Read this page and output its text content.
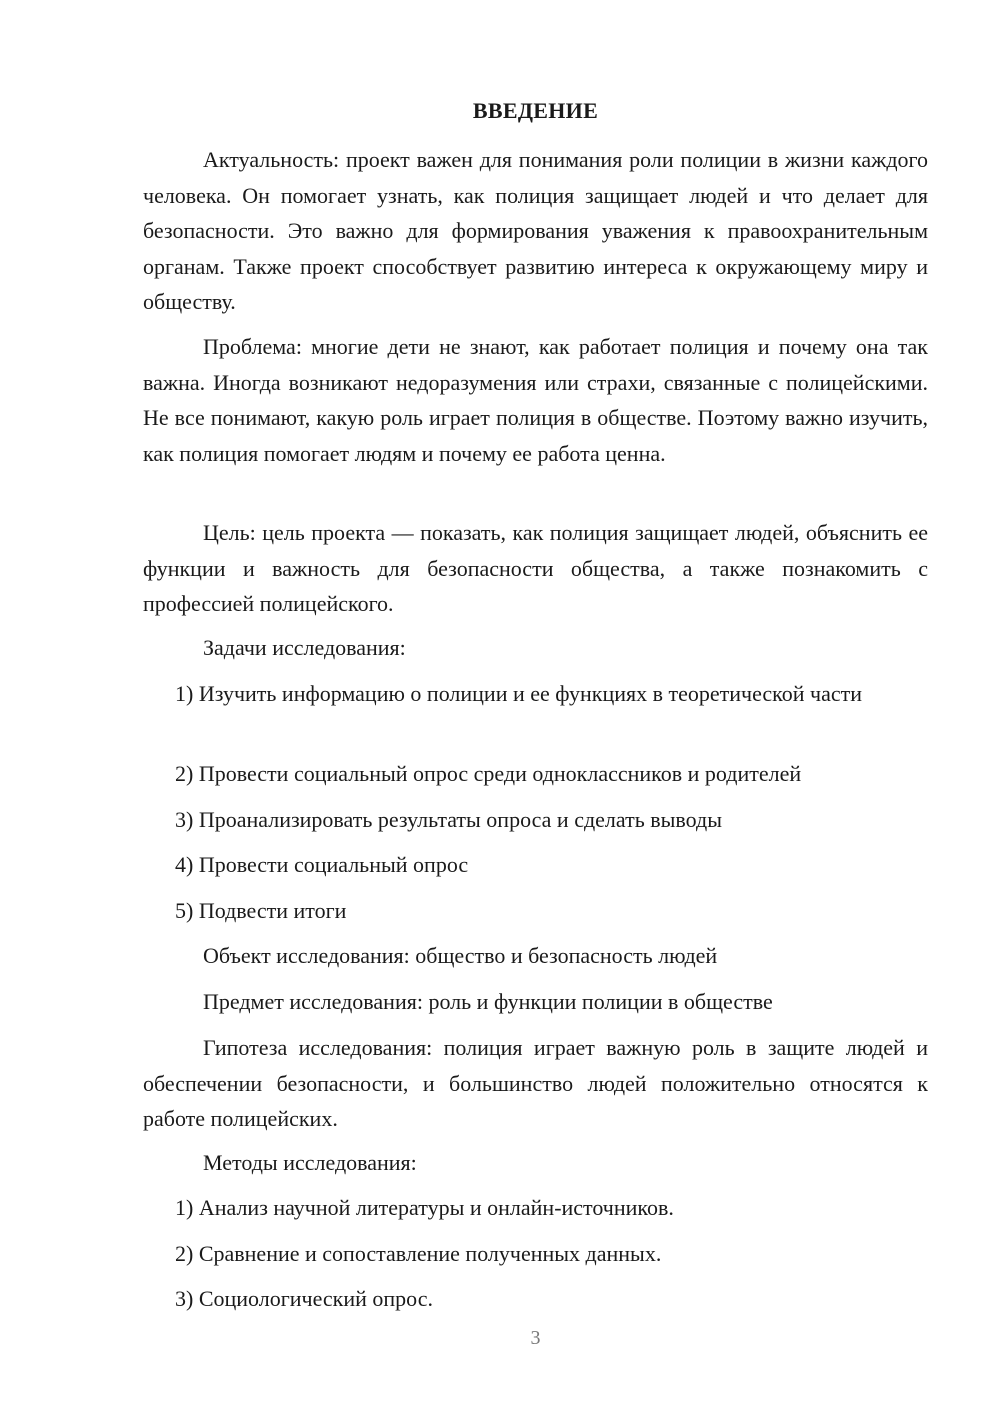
ВВЕДЕНИЕ

Актуальность: проект важен для понимания роли полиции в жизни каждого человека. Он помогает узнать, как полиция защищает людей и что делает для безопасности. Это важно для формирования уважения к правоохранительным органам. Также проект способствует развитию интереса к окружающему миру и обществу.

Проблема: многие дети не знают, как работает полиция и почему она так важна. Иногда возникают недоразумения или страхи, связанные с полицейскими. Не все понимают, какую роль играет полиция в обществе. Поэтому важно изучить, как полиция помогает людям и почему ее работа ценна.

Цель: цель проекта — показать, как полиция защищает людей, объяснить ее функции и важность для безопасности общества, а также познакомить с профессией полицейского.

Задачи исследования:

1) Изучить информацию о полиции и ее функциях в теоретической части

2) Провести социальный опрос среди одноклассников и родителей

3) Проанализировать результаты опроса и сделать выводы

4) Провести социальный опрос

5) Подвести итоги

Объект исследования: общество и безопасность людей

Предмет исследования: роль и функции полиции в обществе

Гипотеза исследования: полиция играет важную роль в защите людей и обеспечении безопасности, и большинство людей положительно относятся к работе полицейских.

Методы исследования:

1) Анализ научной литературы и онлайн-источников.

2) Сравнение и сопоставление полученных данных.

3) Социологический опрос.

3
